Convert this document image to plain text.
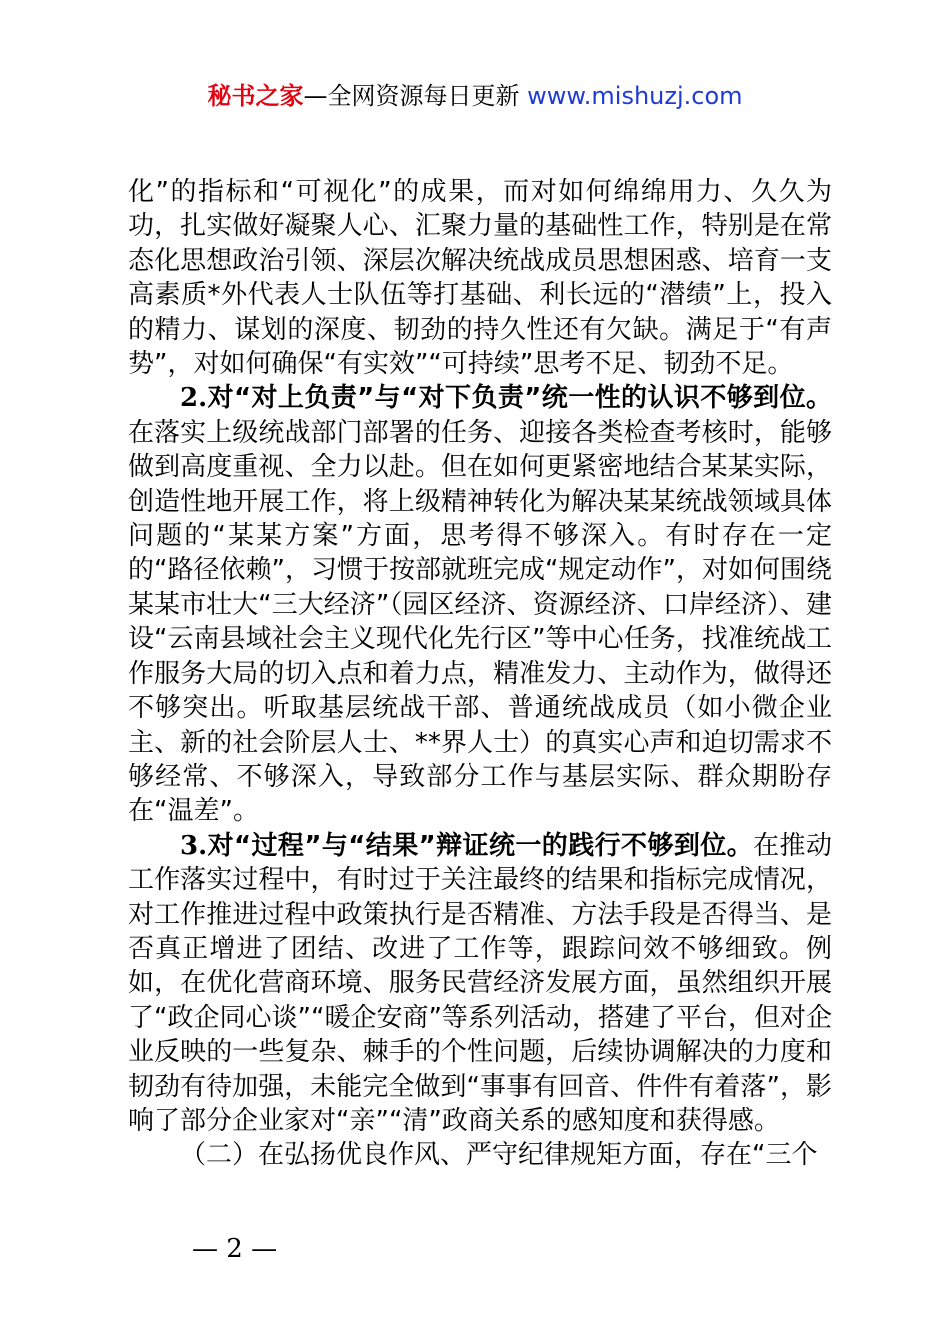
秘书之家—全网资源每日更新 www.mishuzj.com

化”的指标和“可视化”的成果，而对如何绵绵用力、久久为功，扎实做好凝聚人心、汇聚力量的基础性工作，特别是在常态化思想政治引领、深层次解决统战成员思想困惑、培育一支高素质*外代表人士队伍等打基础、利长远的“潜绩”上，投入的精力、谋划的深度、韧劲的持久性还有欠缺。满足于“有声势”，对如何确保“有实效”“可持续”思考不足、韧劲不足。

2.对“对上负责”与“对下负责”统一性的认识不够到位。在落实上级统战部门部署的任务、迎接各类检查考核时，能够做到高度重视、全力以赴。但在如何更紧密地结合某某实际，创造性地开展工作，将上级精神转化为解决某某统战领域具体问题的“某某方案”方面，思考得不够深入。有时存在一定的“路径依赖”，习惯于按部就班完成“规定动作”，对如何围绕某某市壮大“三大经济”（园区经济、资源经济、口岸经济）、建设“云南县域社会主义现代化先行区”等中心任务，找准统战工作服务大局的切入点和着力点，精准发力、主动作为，做得还不够突出。听取基层统战干部、普通统战成员（如小微企业主、新的社会阶层人士、**界人士）的真实心声和迫切需求不够经常、不够深入，导致部分工作与基层实际、群众期盼存在“温差”。

3.对“过程”与“结果”辩证统一的践行不够到位。在推动工作落实过程中，有时过于关注最终的结果和指标完成情况，对工作推进过程中政策执行是否精准、方法手段是否得当、是否真正增进了团结、改进了工作等，跟踪问效不够细致。例如，在优化营商环境、服务民营经济发展方面，虽然组织开展了“政企同心谈”“暖企安商”等系列活动，搭建了平台，但对企业反映的一些复杂、棘手的个性问题，后续协调解决的力度和韧劲有待加强，未能完全做到“事事有回音、件件有着落”，影响了部分企业家对“亲”“清”政商关系的感知度和获得感。

（二）在弘扬优良作风、严守纪律规矩方面，存在“三个

— 2 —
